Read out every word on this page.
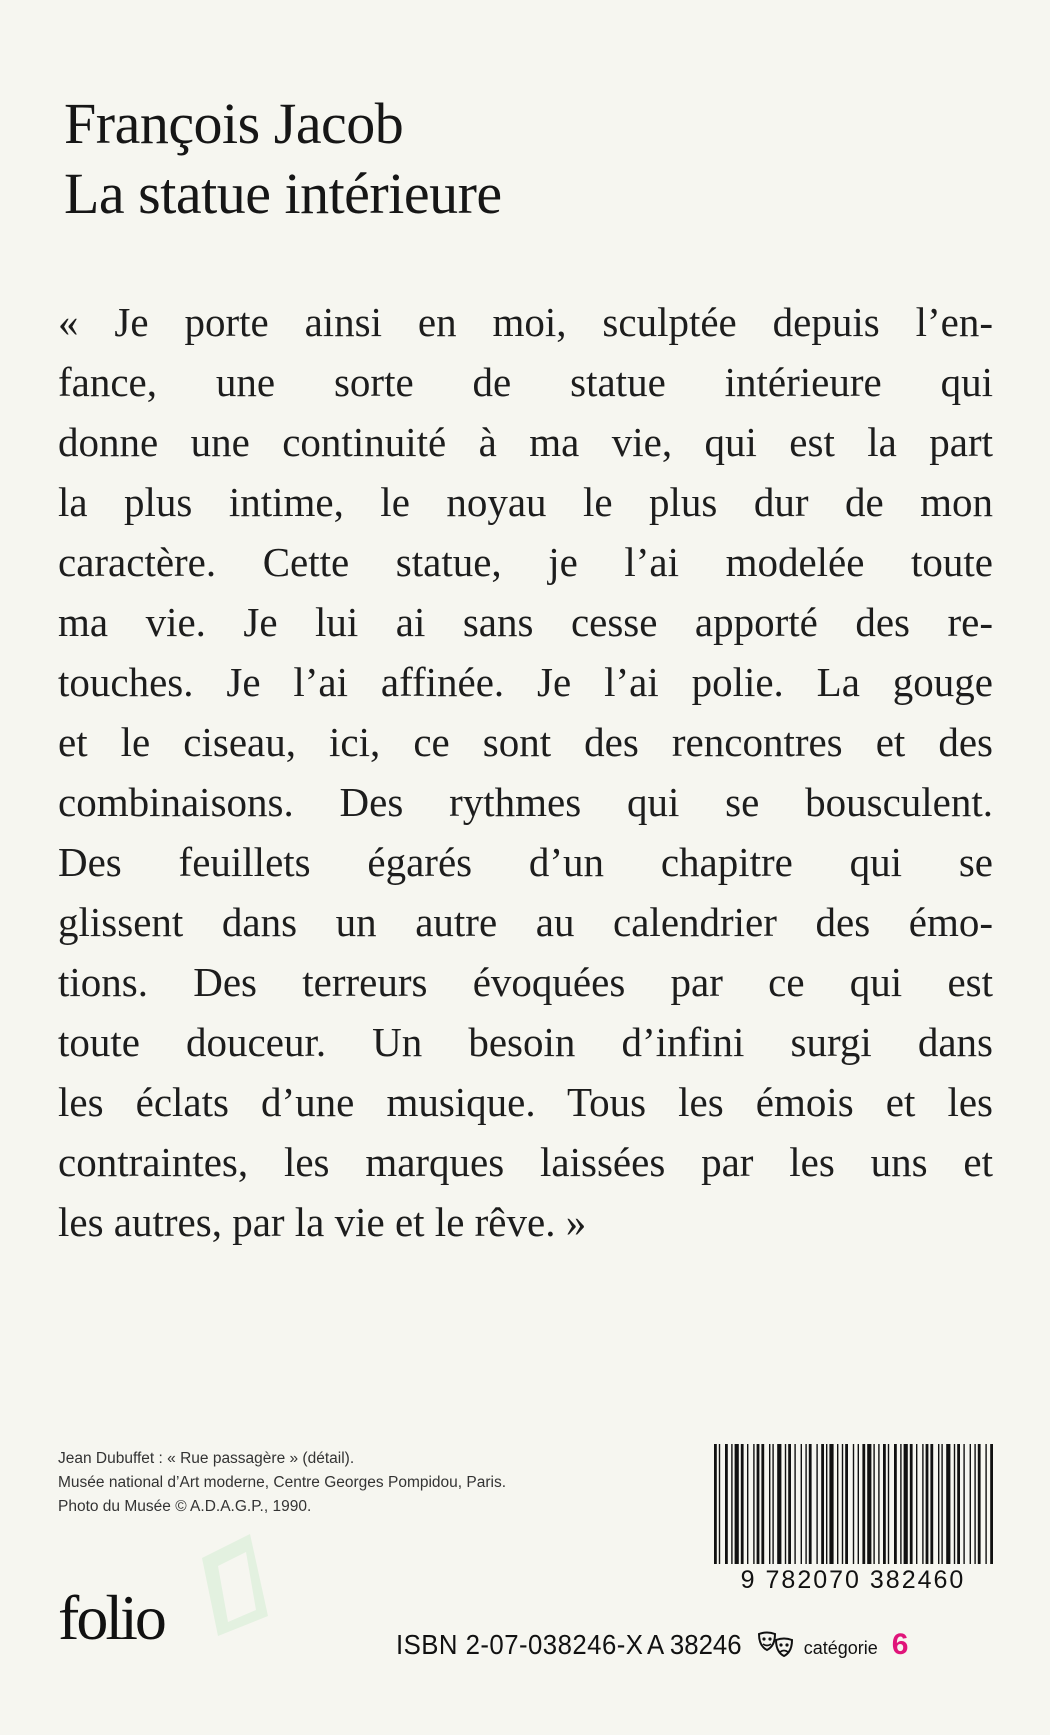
François Jacob
La statue intérieure
« Je porte ainsi en moi, sculptée depuis l’en-
fance, une sorte de statue intérieure qui
donne une continuité à ma vie, qui est la part
la plus intime, le noyau le plus dur de mon
caractère. Cette statue, je l’ai modelée toute
ma vie. Je lui ai sans cesse apporté des re-
touches. Je l’ai affinée. Je l’ai polie. La gouge
et le ciseau, ici, ce sont des rencontres et des
combinaisons. Des rythmes qui se bousculent.
Des feuillets égarés d’un chapitre qui se
glissent dans un autre au calendrier des émo-
tions. Des terreurs évoquées par ce qui est
toute douceur. Un besoin d’infini surgi dans
les éclats d’une musique. Tous les émois et les
contraintes, les marques laissées par les uns et
les autres, par la vie et le rêve. »
Jean Dubuffet : « Rue passagère » (détail).
Musée national d’Art moderne, Centre Georges Pompidou, Paris.
Photo du Musée © A.D.A.G.P., 1990.
folio
9 782070 382460
ISBN 2-07-038246-X A 38246	catégorie 6
